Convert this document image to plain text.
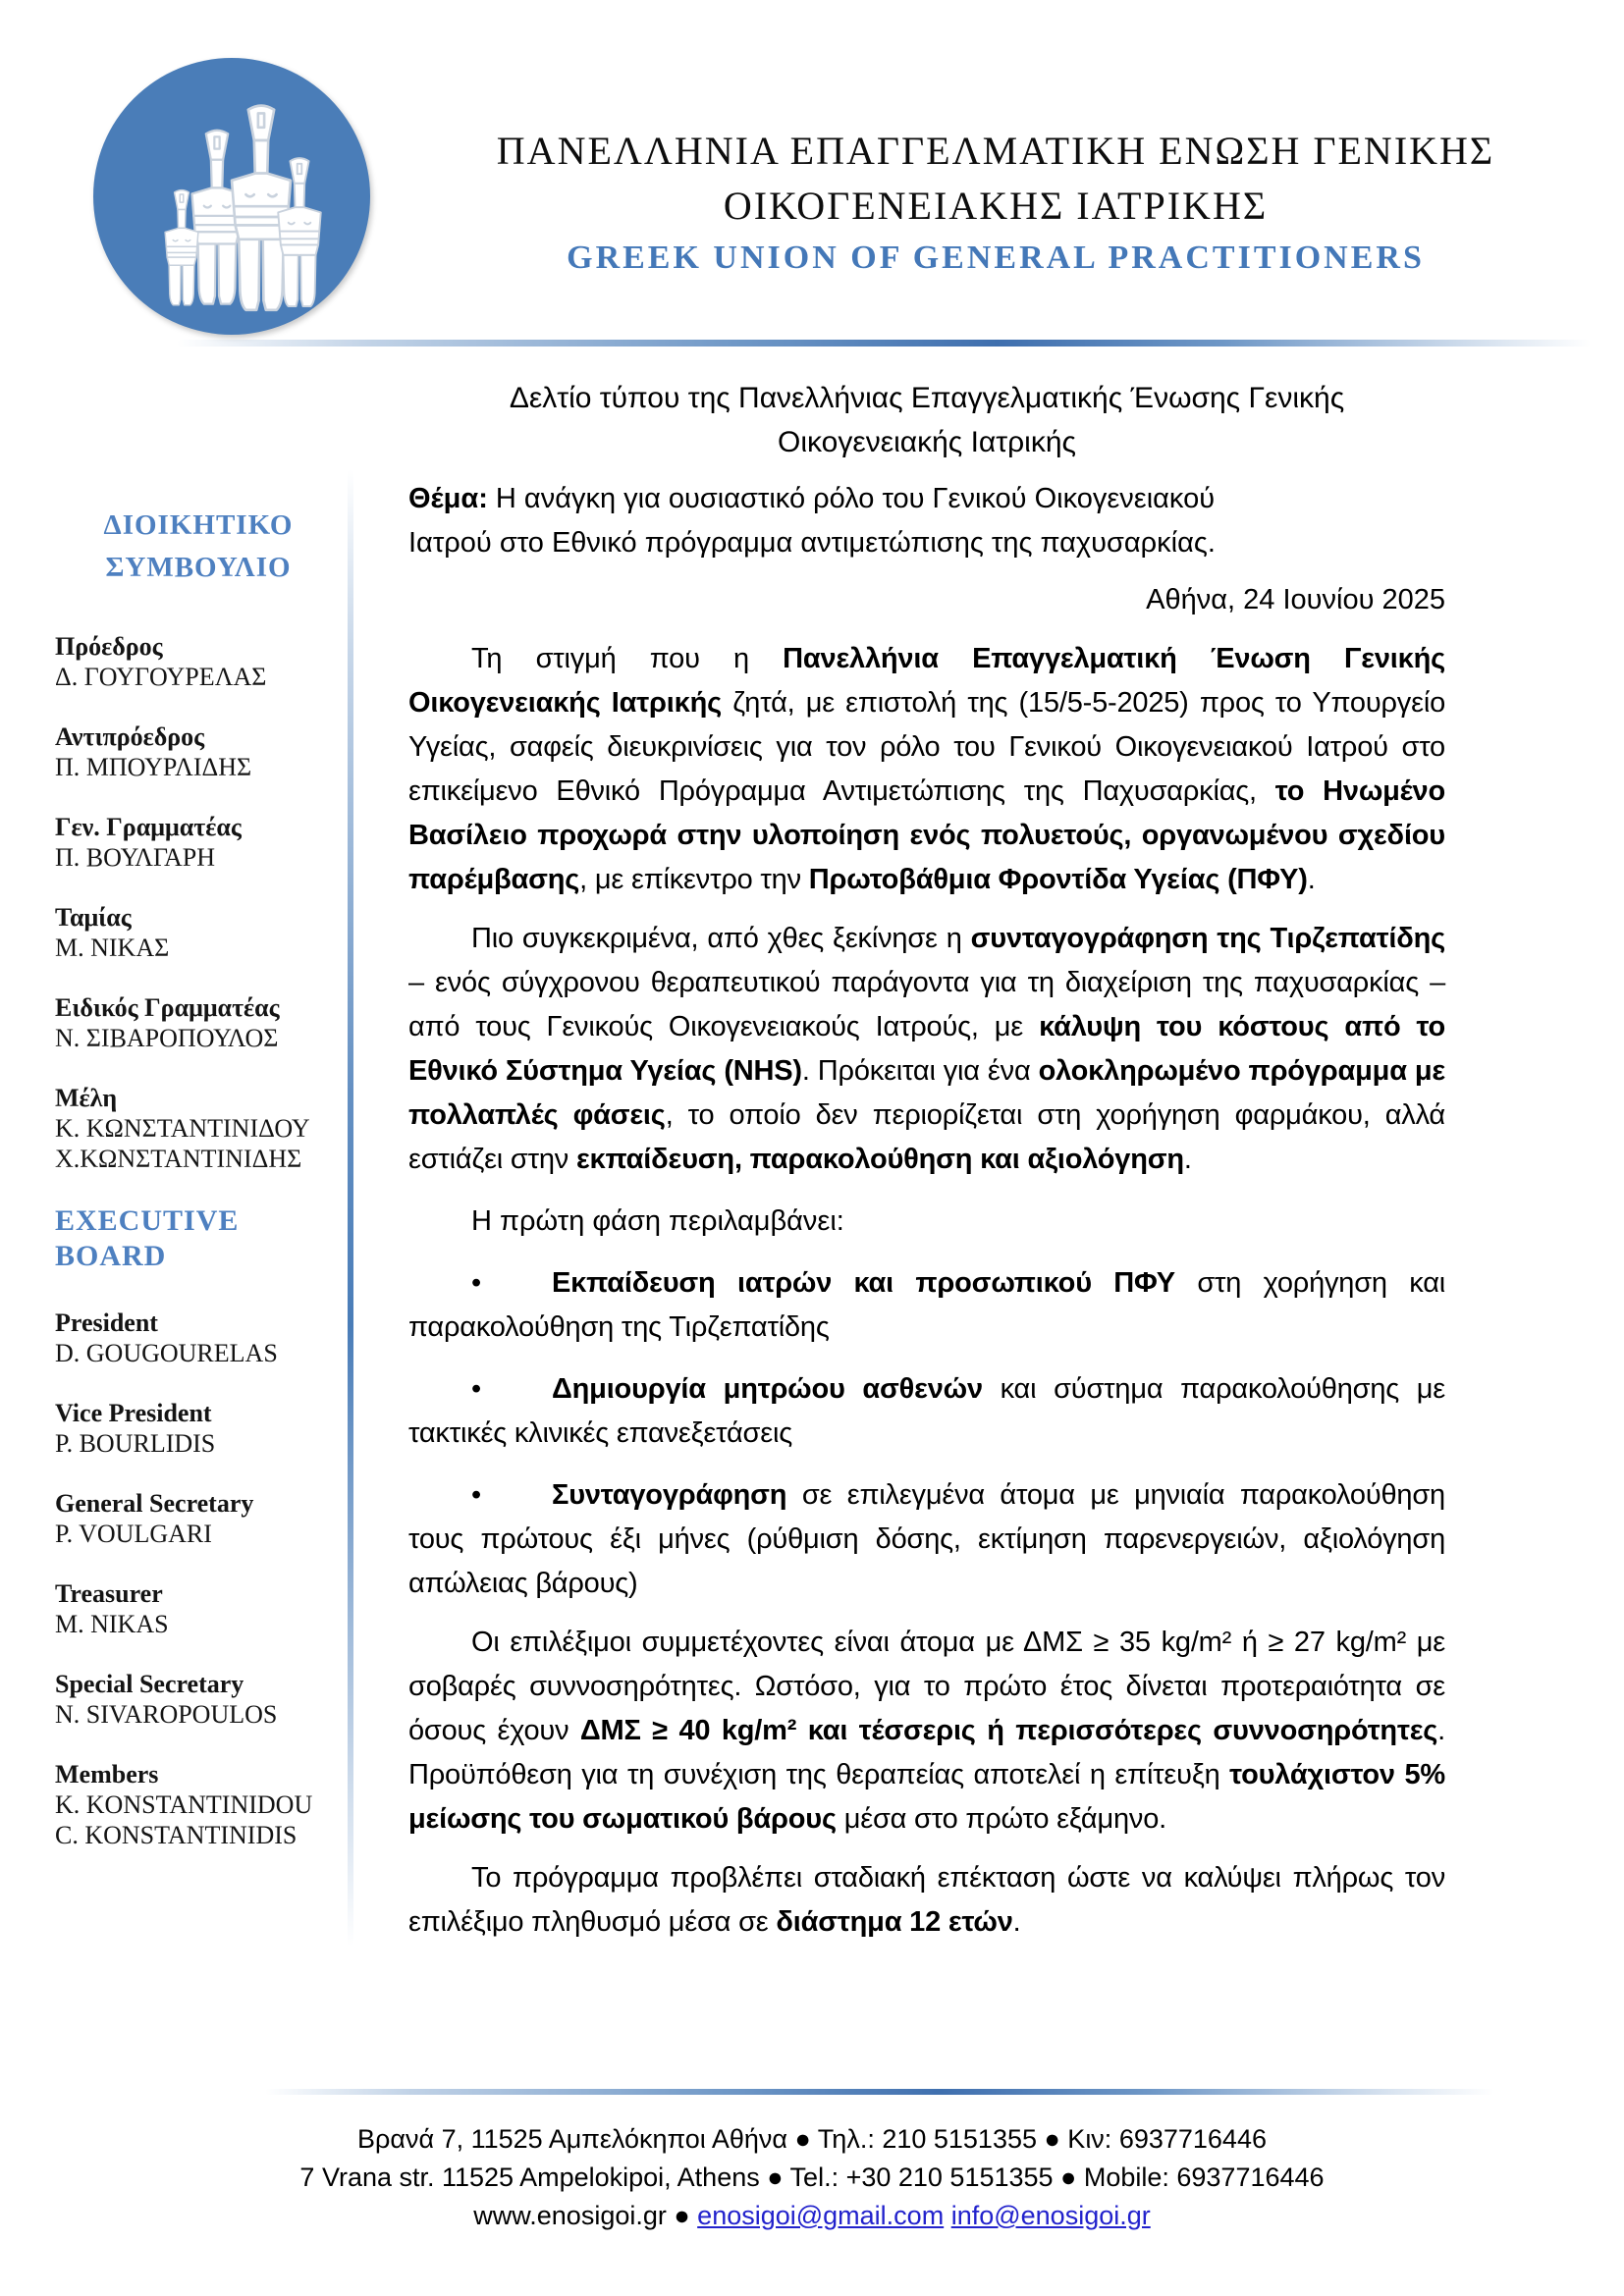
ΠΑΝΕΛΛΗΝΙΑ ΕΠΑΓΓΕΛΜΑΤΙΚΗ ΕΝΩΣΗ ΓΕΝΙΚΗΣ
ΟΙΚΟΓΕΝΕΙΑΚΗΣ ΙΑΤΡΙΚΗΣ
GREEK UNION OF GENERAL PRACTITIONERS
ΔΙΟΙΚΗΤΙΚΟ
ΣΥΜΒΟΥΛΙΟ
Πρόεδρος
Δ. ΓΟΥΓΟΥΡΕΛΑΣ
Αντιπρόεδρος
Π. ΜΠΟΥΡΛΙΔΗΣ
Γεν. Γραμματέας
Π. ΒΟΥΛΓΑΡΗ
Ταμίας
Μ. ΝΙΚΑΣ
Ειδικός Γραμματέας
Ν. ΣΙΒΑΡΟΠΟΥΛΟΣ
Μέλη
Κ. ΚΩΝΣΤΑΝΤΙΝΙΔΟΥ
Χ.ΚΩΝΣΤΑΝΤΙΝΙΔΗΣ
EXECUTIVE BOARD
President
D. GOUGOURELAS
Vice President
P. BOURLIDIS
General Secretary
P. VOULGARI
Treasurer
M. NIKAS
Special Secretary
N. SIVAROPOULOS
Members
K. KONSTANTINIDOU
C. KONSTANTINIDIS
Δελτίο τύπου της Πανελλήνιας Επαγγελματικής Ένωσης Γενικής
Οικογενειακής Ιατρικής
Θέμα: Η ανάγκη για ουσιαστικό ρόλο του Γενικού Οικογενειακού
Ιατρού στο Εθνικό πρόγραμμα αντιμετώπισης της παχυσαρκίας.
Αθήνα, 24 Ιουνίου 2025
Τη στιγμή που η Πανελλήνια Επαγγελματική Ένωση Γενικής Οικογενειακής Ιατρικής ζητά, με επιστολή της (15/5-5-2025) προς το Υπουργείο Υγείας, σαφείς διευκρινίσεις για τον ρόλο του Γενικού Οικογενειακού Ιατρού στο επικείμενο Εθνικό Πρόγραμμα Αντιμετώπισης της Παχυσαρκίας, το Ηνωμένο Βασίλειο προχωρά στην υλοποίηση ενός πολυετούς, οργανωμένου σχεδίου παρέμβασης, με επίκεντρο την Πρωτοβάθμια Φροντίδα Υγείας (ΠΦΥ).
Πιο συγκεκριμένα, από χθες ξεκίνησε η συνταγογράφηση της Τιρζεπατίδης – ενός σύγχρονου θεραπευτικού παράγοντα για τη διαχείριση της παχυσαρκίας – από τους Γενικούς Οικογενειακούς Ιατρούς, με κάλυψη του κόστους από το Εθνικό Σύστημα Υγείας (NHS). Πρόκειται για ένα ολοκληρωμένο πρόγραμμα με πολλαπλές φάσεις, το οποίο δεν περιορίζεται στη χορήγηση φαρμάκου, αλλά εστιάζει στην εκπαίδευση, παρακολούθηση και αξιολόγηση.
Η πρώτη φάση περιλαμβάνει:
• Εκπαίδευση ιατρών και προσωπικού ΠΦΥ στη χορήγηση και παρακολούθηση της Τιρζεπατίδης
• Δημιουργία μητρώου ασθενών και σύστημα παρακολούθησης με τακτικές κλινικές επανεξετάσεις
• Συνταγογράφηση σε επιλεγμένα άτομα με μηνιαία παρακολούθηση τους πρώτους έξι μήνες (ρύθμιση δόσης, εκτίμηση παρενεργειών, αξιολόγηση απώλειας βάρους)
Οι επιλέξιμοι συμμετέχοντες είναι άτομα με ΔΜΣ ≥ 35 kg/m² ή ≥ 27 kg/m² με σοβαρές συννοσηρότητες. Ωστόσο, για το πρώτο έτος δίνεται προτεραιότητα σε όσους έχουν ΔΜΣ ≥ 40 kg/m² και τέσσερις ή περισσότερες συννοσηρότητες. Προϋπόθεση για τη συνέχιση της θεραπείας αποτελεί η επίτευξη τουλάχιστον 5% μείωσης του σωματικού βάρους μέσα στο πρώτο εξάμηνο.
Το πρόγραμμα προβλέπει σταδιακή επέκταση ώστε να καλύψει πλήρως τον επιλέξιμο πληθυσμό μέσα σε διάστημα 12 ετών.
Βρανά 7, 11525 Αμπελόκηποι Αθήνα ● Τηλ.: 210 5151355 ● Κιν: 6937716446
7 Vrana str. 11525 Ampelokipoi, Athens ● Tel.: +30 210 5151355 ● Mobile: 6937716446
www.enosigoi.gr ● enosigoi@gmail.com info@enosigoi.gr
